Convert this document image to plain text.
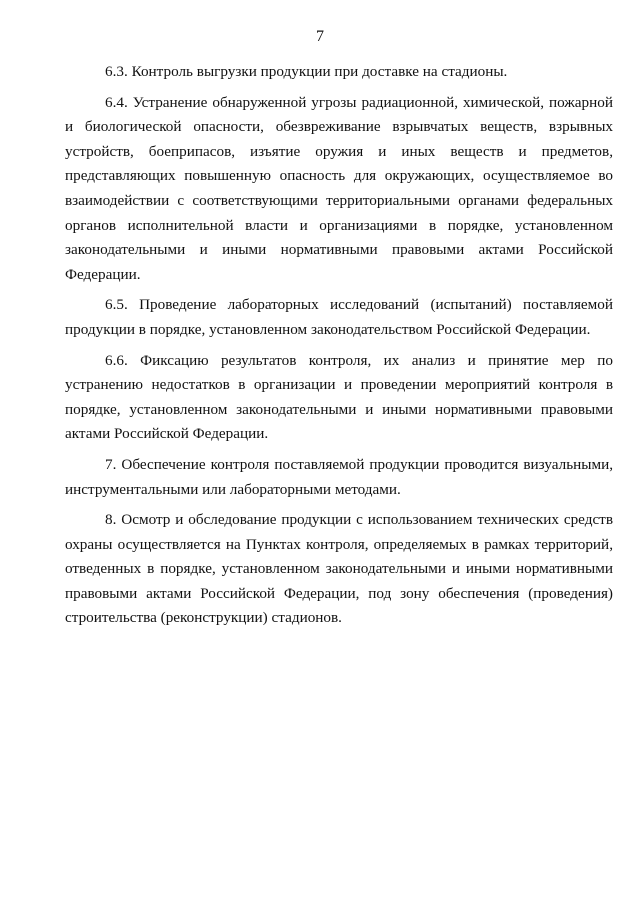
7

6.3. Контроль выгрузки продукции при доставке на стадионы.

6.4. Устранение обнаруженной угрозы радиационной, химической, пожарной и биологической опасности, обезвреживание взрывчатых веществ, взрывных устройств, боеприпасов, изъятие оружия и иных веществ и предметов, представляющих повышенную опасность для окружающих, осуществляемое во взаимодействии с соответствующими территориальными органами федеральных органов исполнительной власти и организациями в порядке, установленном законодательными и иными нормативными правовыми актами Российской Федерации.

6.5. Проведение лабораторных исследований (испытаний) поставляемой продукции в порядке, установленном законодательством Российской Федерации.

6.6. Фиксацию результатов контроля, их анализ и принятие мер по устранению недостатков в организации и проведении мероприятий контроля в порядке, установленном законодательными и иными нормативными правовыми актами Российской Федерации.

7. Обеспечение контроля поставляемой продукции проводится визуальными, инструментальными или лабораторными методами.

8. Осмотр и обследование продукции с использованием технических средств охраны осуществляется на Пунктах контроля, определяемых в рамках территорий, отведенных в порядке, установленном законодательными и иными нормативными правовыми актами Российской Федерации, под зону обеспечения (проведения) строительства (реконструкции) стадионов.
